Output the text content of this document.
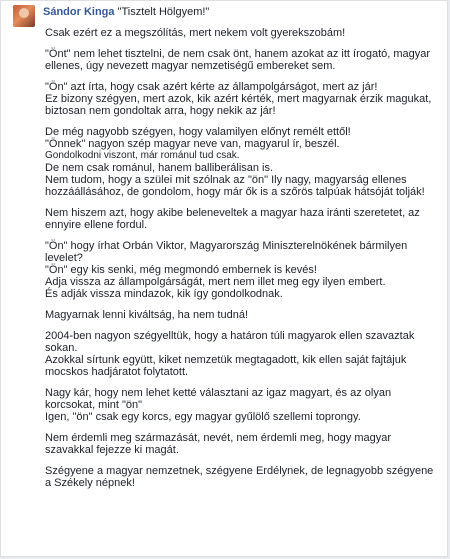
Sándor Kinga "Tisztelt Hölgyem!"

Csak ezért ez a megszólítás, mert nekem volt gyerekszobám!

"Önt" nem lehet tisztelni, de nem csak önt, hanem azokat az itt írogató, magyar
ellenes, úgy nevezett magyar nemzetiségű embereket sem.

"Ön" azt írta, hogy csak azért kérte az állampolgárságot, mert az jár!
Ez bizony szégyen, mert azok, kik azért kérték, mert magyarnak érzik magukat,
biztosan nem gondoltak arra, hogy nekik az jár!

De még nagyobb szégyen, hogy valamilyen előnyt remélt ettől!
"Önnek" nagyon szép magyar neve van, magyarul ír, beszél.
Gondolkodni viszont, már románul tud csak.
De nem csak románul, hanem balliberálisan is.
Nem tudom, hogy a szülei mit szólnak az "ön" Ily nagy, magyarság ellenes
hozzáállásához, de gondolom, hogy már ők is a szőrös talpúak hátsóját tolják!

Nem hiszem azt, hogy akibe beleneveltek a magyar haza iránti szeretetet, az
ennyire ellene fordul.

"Ön" hogy írhat Orbán Viktor, Magyarország Miniszterelnökének bármilyen
levelet?
"Ön" egy kis senki, még megmondó embernek is kevés!
Adja vissza az állampolgárságát, mert nem illet meg egy ilyen embert.
És adják vissza mindazok, kik így gondolkodnak.

Magyarnak lenni kiváltság, ha nem tudná!

2004-ben nagyon szégyelltük, hogy a határon túli magyarok ellen szavaztak
sokan.
Azokkal sírtunk együtt, kiket nemzetük megtagadott, kik ellen saját fajtájuk
mocskos hadjáratot folytatott.

Nagy kár, hogy nem lehet ketté választani az igaz magyart, és az olyan
korcsokat, mint "ön"
Igen, "ön" csak egy korcs, egy magyar gyűlölő szellemi toprongy.

Nem érdemli meg származását, nevét, nem érdemli meg, hogy magyar
szavakkal fejezze ki magát.

Szégyene a magyar nemzetnek, szégyene Erdélynek, de legnagyobb szégyene
a Székely népnek!
